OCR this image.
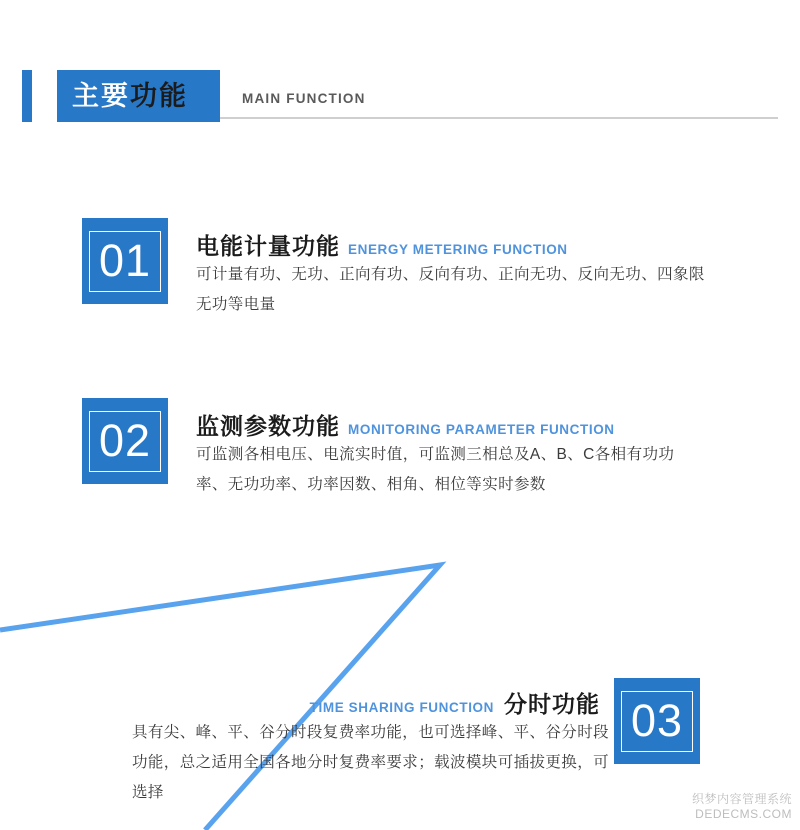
主要功能	MAIN FUNCTION
01	电能计量功能 ENERGY METERING FUNCTION
可计量有功、无功、正向有功、反向有功、正向无功、反向无功、四象限无功等电量
02	监测参数功能 MONITORING PARAMETER FUNCTION
可监测各相电压、电流实时值，可监测三相总及A、B、C各相有功功率、无功功率、功率因数、相角、相位等实时参数
03
TIME SHARING FUNCTION 分时功能
具有尖、峰、平、谷分时段复费率功能，也可选择峰、平、谷分时段功能，总之适用全国各地分时复费率要求；载波模块可插拔更换，可选择	织梦内容管理系统
DEDECMS.COM
